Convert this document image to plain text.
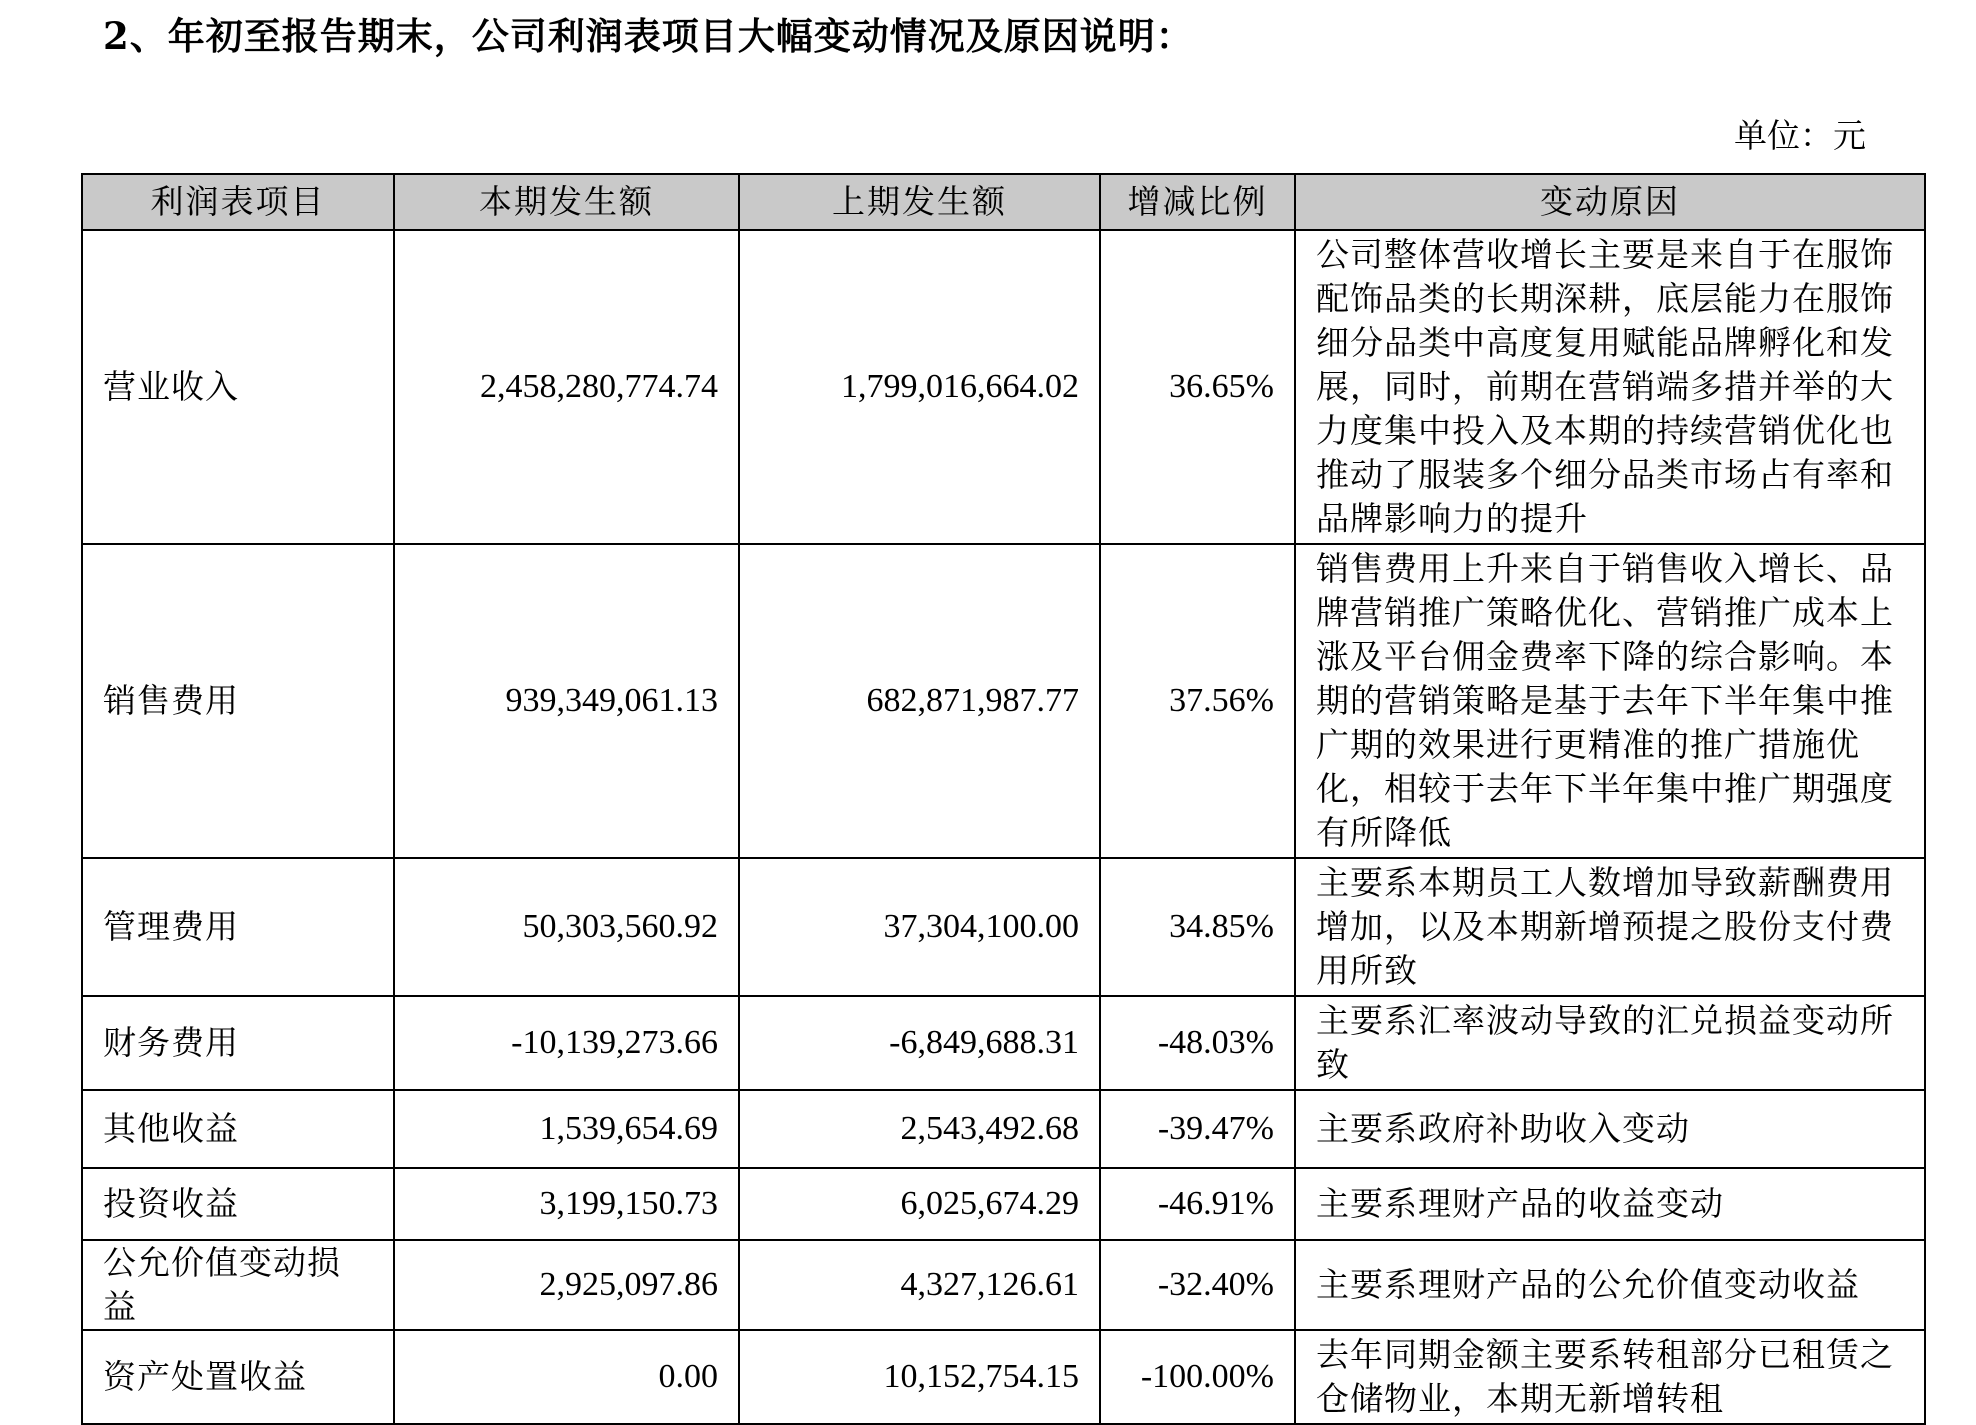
2、年初至报告期末，公司利润表项目大幅变动情况及原因说明：
单位：元
利润表项目	本期发生额	上期发生额	增减比例	变动原因
营业收入	2,458,280,774.74	1,799,016,664.02	36.65%	公司整体营收增长主要是来自于在服饰配饰品类的长期深耕，底层能力在服饰细分品类中高度复用赋能品牌孵化和发展，同时，前期在营销端多措并举的大力度集中投入及本期的持续营销优化也推动了服装多个细分品类市场占有率和品牌影响力的提升
销售费用	939,349,061.13	682,871,987.77	37.56%	销售费用上升来自于销售收入增长、品牌营销推广策略优化、营销推广成本上涨及平台佣金费率下降的综合影响。本期的营销策略是基于去年下半年集中推广期的效果进行更精准的推广措施优化，相较于去年下半年集中推广期强度有所降低
管理费用	50,303,560.92	37,304,100.00	34.85%	主要系本期员工人数增加导致薪酬费用增加，以及本期新增预提之股份支付费用所致
财务费用	-10,139,273.66	-6,849,688.31	-48.03%	主要系汇率波动导致的汇兑损益变动所致
其他收益	1,539,654.69	2,543,492.68	-39.47%	主要系政府补助收入变动
投资收益	3,199,150.73	6,025,674.29	-46.91%	主要系理财产品的收益变动
公允价值变动损益	2,925,097.86	4,327,126.61	-32.40%	主要系理财产品的公允价值变动收益
资产处置收益	0.00	10,152,754.15	-100.00%	去年同期金额主要系转租部分已租赁之仓储物业，本期无新增转租
